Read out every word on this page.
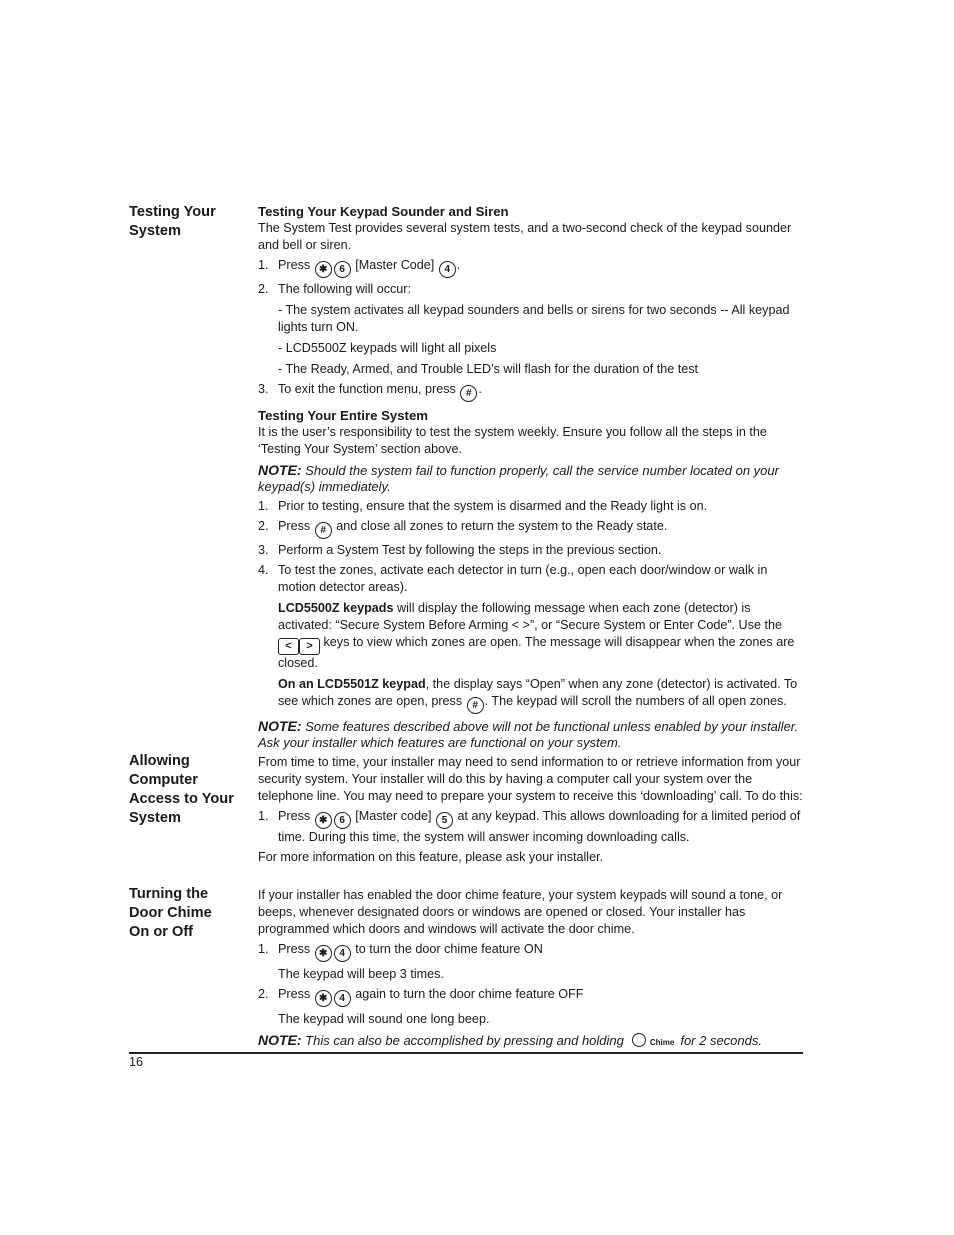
Testing Your
System

Testing Your Keypad Sounder and Siren

The System Test provides several system tests, and a two-second check of the keypad sounder and bell or siren.

1. Press ✱ 6 [Master Code] 4 .
2. The following will occur:

- The system activates all keypad sounders and bells or sirens for two seconds -- All keypad lights turn ON.

- LCD5500Z keypads will light all pixels

- The Ready, Armed, and Trouble LED’s will flash for the duration of the test

3. To exit the function menu, press # .

Testing Your Entire System

It is the user’s responsibility to test the system weekly. Ensure you follow all the steps in the ‘Testing Your System’ section above.

NOTE: Should the system fail to function properly, call the service number located on your keypad(s) immediately.

1. Prior to testing, ensure that the system is disarmed and the Ready light is on.
2. Press # and close all zones to return the system to the Ready state.
3. Perform a System Test by following the steps in the previous section.
4. To test the zones, activate each detector in turn (e.g., open each door/window or walk in motion detector areas).

LCD5500Z keypads will display the following message when each zone (detector) is activated: “Secure System Before Arming < >”, or “Secure System or Enter Code”. Use the < > keys to view which zones are open. The message will disappear when the zones are closed.

On an LCD5501Z keypad, the display says “Open” when any zone (detector) is activated. To see which zones are open, press # . The keypad will scroll the numbers of all open zones.

NOTE: Some features described above will not be functional unless enabled by your installer. Ask your installer which features are functional on your system.

Allowing
Computer
Access to Your
System

From time to time, your installer may need to send information to or retrieve information from your security system. Your installer will do this by having a computer call your system over the telephone line. You may need to prepare your system to receive this ‘downloading’ call. To do this:

1. Press ✱ 6 [Master code] 5 at any keypad. This allows downloading for a limited period of time. During this time, the system will answer incoming downloading calls.

For more information on this feature, please ask your installer.

Turning the
Door Chime
On or Off

If your installer has enabled the door chime feature, your system keypads will sound a tone, or beeps, whenever designated doors or windows are opened or closed. Your installer has programmed which doors and windows will activate the door chime.

1. Press ✱ 4 to turn the door chime feature ON

The keypad will beep 3 times.

2. Press ✱ 4 again to turn the door chime feature OFF

The keypad will sound one long beep.

NOTE: This can also be accomplished by pressing and holding	Chime for 2 seconds.

16
